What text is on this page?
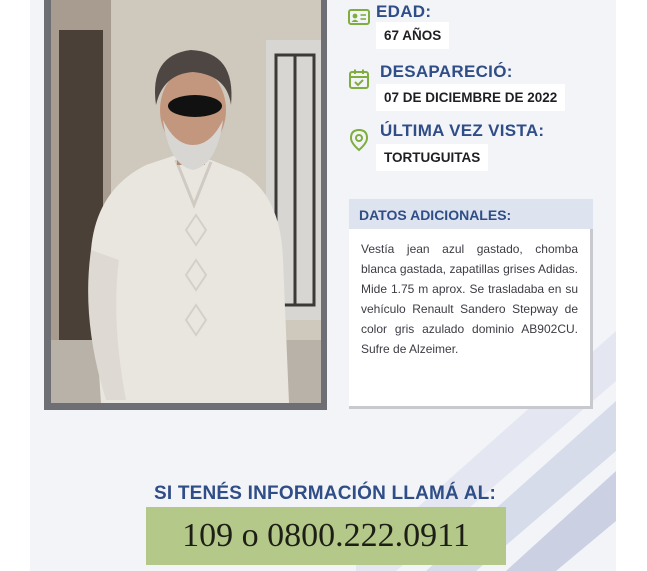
EDAD:
67 AÑOS
DESAPARECIÓ:
07 DE DICIEMBRE DE 2022
ÚLTIMA VEZ VISTA:
TORTUGUITAS
DATOS ADICIONALES:
Vestía jean azul gastado, chomba blanca gastada, zapatillas grises Adidas. Mide 1.75 m aprox. Se trasladaba en su vehículo Renault Sandero Stepway de color gris azulado dominio AB902CU. Sufre de Alzeimer.
SI TENÉS INFORMACIÓN LLAMÁ AL:
109 o 0800.222.0911
